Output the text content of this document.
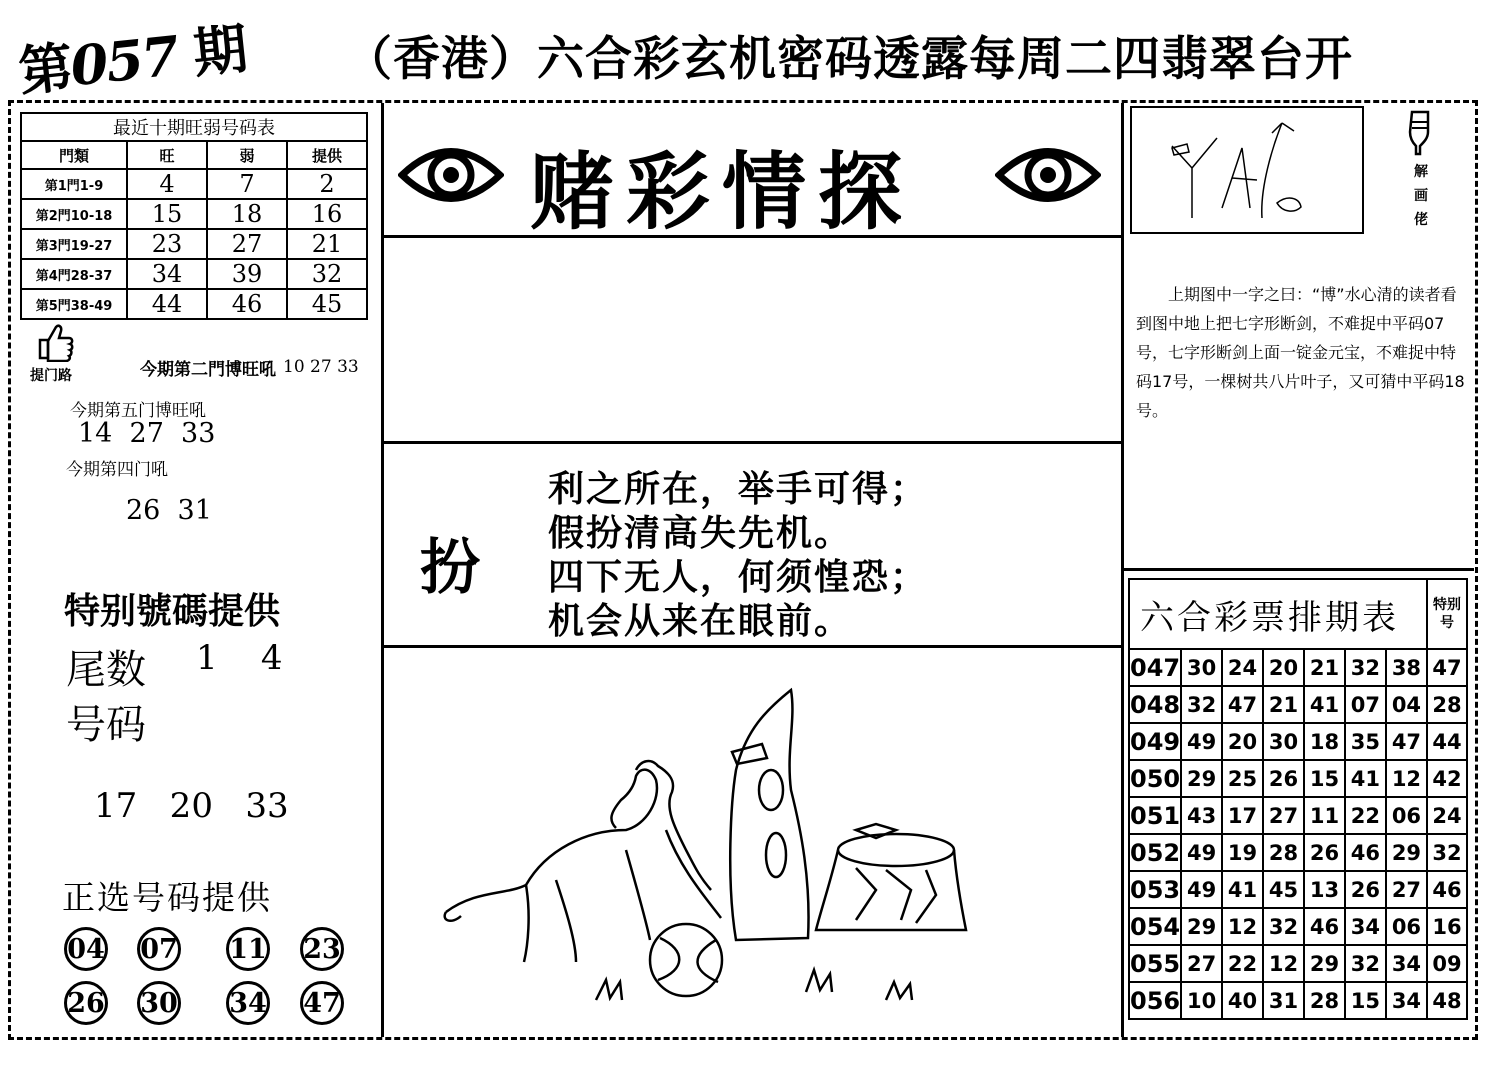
第057 期 （香港）六合彩玄机密码透露每周二四翡翠台开
最近十期旺弱号码表			
門類	旺	弱	提供
第1門1-9	4	7	2
第2門10-18	15	18	16
第3門19-27	23	27	21
第4門28-37	34	39	32
第5門38-49	44	46	45
提门路	今期第二門博旺吼 10 27 33
今期第五门博旺吼
14  27  33
今期第四门吼
26  31
特别號碼提供
尾数 1    4
号码
17   20   33
正选号码提供
04 07 11 23
26 30 34 47
赌彩情探
扮
利之所在，举手可得；
假扮清高失先机。
四下无人，何须惶恐；
机会从来在眼前。
解画佬
上期图中一字之曰：“博”水心清的读者看到图中地上把七字形断剑，不难捉中平码07号，七字形断剑上面一锭金元宝，不难捉中特码17号，一棵树共八片叶子，又可猜中平码18号。
六合彩票排期表							特别号
047	30	24	20	21	32	38	47
048	32	47	21	41	07	04	28
049	49	20	30	18	35	47	44
050	29	25	26	15	41	12	42
051	43	17	27	11	22	06	24
052	49	19	28	26	46	29	32
053	49	41	45	13	26	27	46
054	29	12	32	46	34	06	16
055	27	22	12	29	32	34	09
056	10	40	31	28	15	34	48
